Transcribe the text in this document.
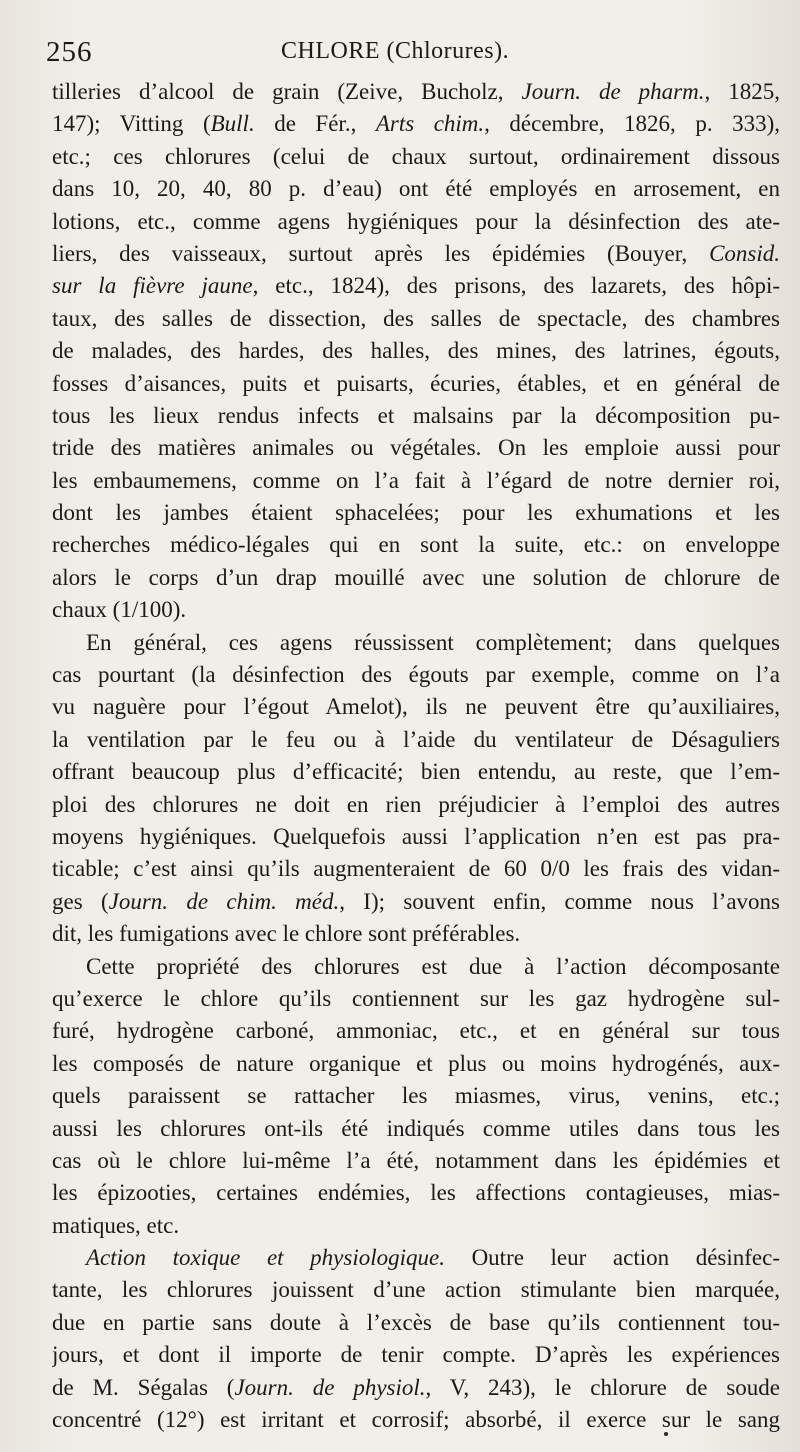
256	CHLORE (Chlorures).
tilleries d’alcool de grain (Zeive, Bucholz, Journ. de pharm., 1825,
147); Vitting (Bull. de Fér., Arts chim., décembre, 1826, p. 333),
etc.; ces chlorures (celui de chaux surtout, ordinairement dissous
dans 10, 20, 40, 80 p. d’eau) ont été employés en arrosement, en
lotions, etc., comme agens hygiéniques pour la désinfection des ate-
liers, des vaisseaux, surtout après les épidémies (Bouyer, Consid.
sur la fièvre jaune, etc., 1824), des prisons, des lazarets, des hôpi-
taux, des salles de dissection, des salles de spectacle, des chambres
de malades, des hardes, des halles, des mines, des latrines, égouts,
fosses d’aisances, puits et puisarts, écuries, étables, et en général de
tous les lieux rendus infects et malsains par la décomposition pu-
tride des matières animales ou végétales. On les emploie aussi pour
les embaumemens, comme on l’a fait à l’égard de notre dernier roi,
dont les jambes étaient sphacelées; pour les exhumations et les
recherches médico-légales qui en sont la suite, etc.: on enveloppe
alors le corps d’un drap mouillé avec une solution de chlorure de
chaux (1/100).
En général, ces agens réussissent complètement; dans quelques
cas pourtant (la désinfection des égouts par exemple, comme on l’a
vu naguère pour l’égout Amelot), ils ne peuvent être qu’auxiliaires,
la ventilation par le feu ou à l’aide du ventilateur de Désaguliers
offrant beaucoup plus d’efficacité; bien entendu, au reste, que l’em-
ploi des chlorures ne doit en rien préjudicier à l’emploi des autres
moyens hygiéniques. Quelquefois aussi l’application n’en est pas pra-
ticable; c’est ainsi qu’ils augmenteraient de 60 0/0 les frais des vidan-
ges (Journ. de chim. méd., I); souvent enfin, comme nous l’avons
dit, les fumigations avec le chlore sont préférables.
Cette propriété des chlorures est due à l’action décomposante
qu’exerce le chlore qu’ils contiennent sur les gaz hydrogène sul-
furé, hydrogène carboné, ammoniac, etc., et en général sur tous
les composés de nature organique et plus ou moins hydrogénés, aux-
quels paraissent se rattacher les miasmes, virus, venins, etc.;
aussi les chlorures ont-ils été indiqués comme utiles dans tous les
cas où le chlore lui-même l’a été, notamment dans les épidémies et
les épizooties, certaines endémies, les affections contagieuses, mias-
matiques, etc.
Action toxique et physiologique. Outre leur action désinfec-
tante, les chlorures jouissent d’une action stimulante bien marquée,
due en partie sans doute à l’excès de base qu’ils contiennent tou-
jours, et dont il importe de tenir compte. D’après les expériences
de M. Ségalas (Journ. de physiol., V, 243), le chlorure de soude
concentré (12°) est irritant et corrosif; absorbé, il exerce sur le sang
